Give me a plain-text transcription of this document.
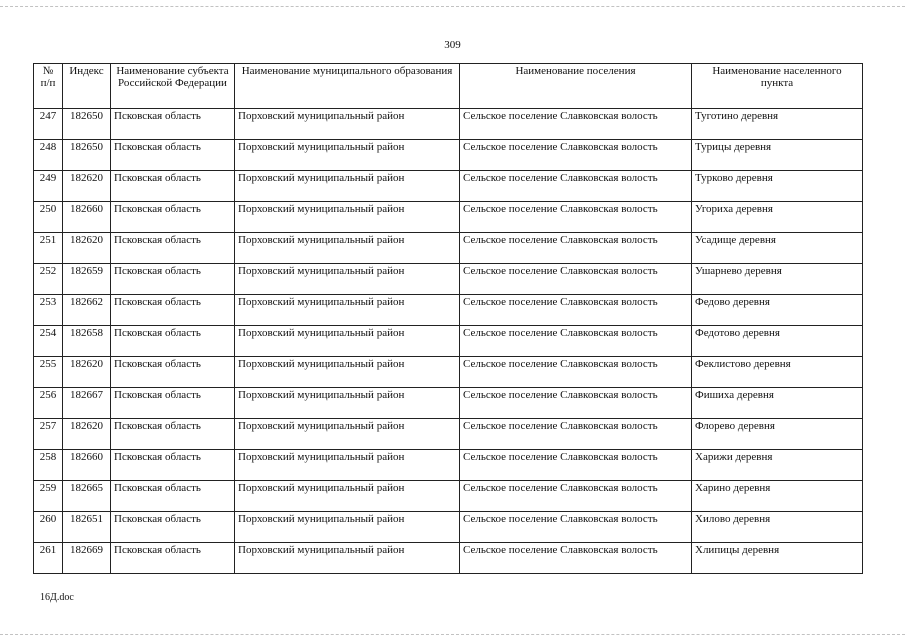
309
№ п/п	Индекс	Наименование субъекта Российской Федерации	Наименование муниципального образования	Наименование поселения	Наименование населенного пункта
247	182650	Псковская область	Порховский муниципальный район	Сельское поселение Славковская волость	Туготино деревня
248	182650	Псковская область	Порховский муниципальный район	Сельское поселение Славковская волость	Турицы деревня
249	182620	Псковская область	Порховский муниципальный район	Сельское поселение Славковская волость	Турково деревня
250	182660	Псковская область	Порховский муниципальный район	Сельское поселение Славковская волость	Угориха деревня
251	182620	Псковская область	Порховский муниципальный район	Сельское поселение Славковская волость	Усадище деревня
252	182659	Псковская область	Порховский муниципальный район	Сельское поселение Славковская волость	Ушарнево деревня
253	182662	Псковская область	Порховский муниципальный район	Сельское поселение Славковская волость	Федово деревня
254	182658	Псковская область	Порховский муниципальный район	Сельское поселение Славковская волость	Федотово деревня
255	182620	Псковская область	Порховский муниципальный район	Сельское поселение Славковская волость	Феклистово деревня
256	182667	Псковская область	Порховский муниципальный район	Сельское поселение Славковская волость	Фишиха деревня
257	182620	Псковская область	Порховский муниципальный район	Сельское поселение Славковская волость	Флорево деревня
258	182660	Псковская область	Порховский муниципальный район	Сельское поселение Славковская волость	Харижи деревня
259	182665	Псковская область	Порховский муниципальный район	Сельское поселение Славковская волость	Харино деревня
260	182651	Псковская область	Порховский муниципальный район	Сельское поселение Славковская волость	Хилово деревня
261	182669	Псковская область	Порховский муниципальный район	Сельское поселение Славковская волость	Хлипицы деревня
16Д.doc
